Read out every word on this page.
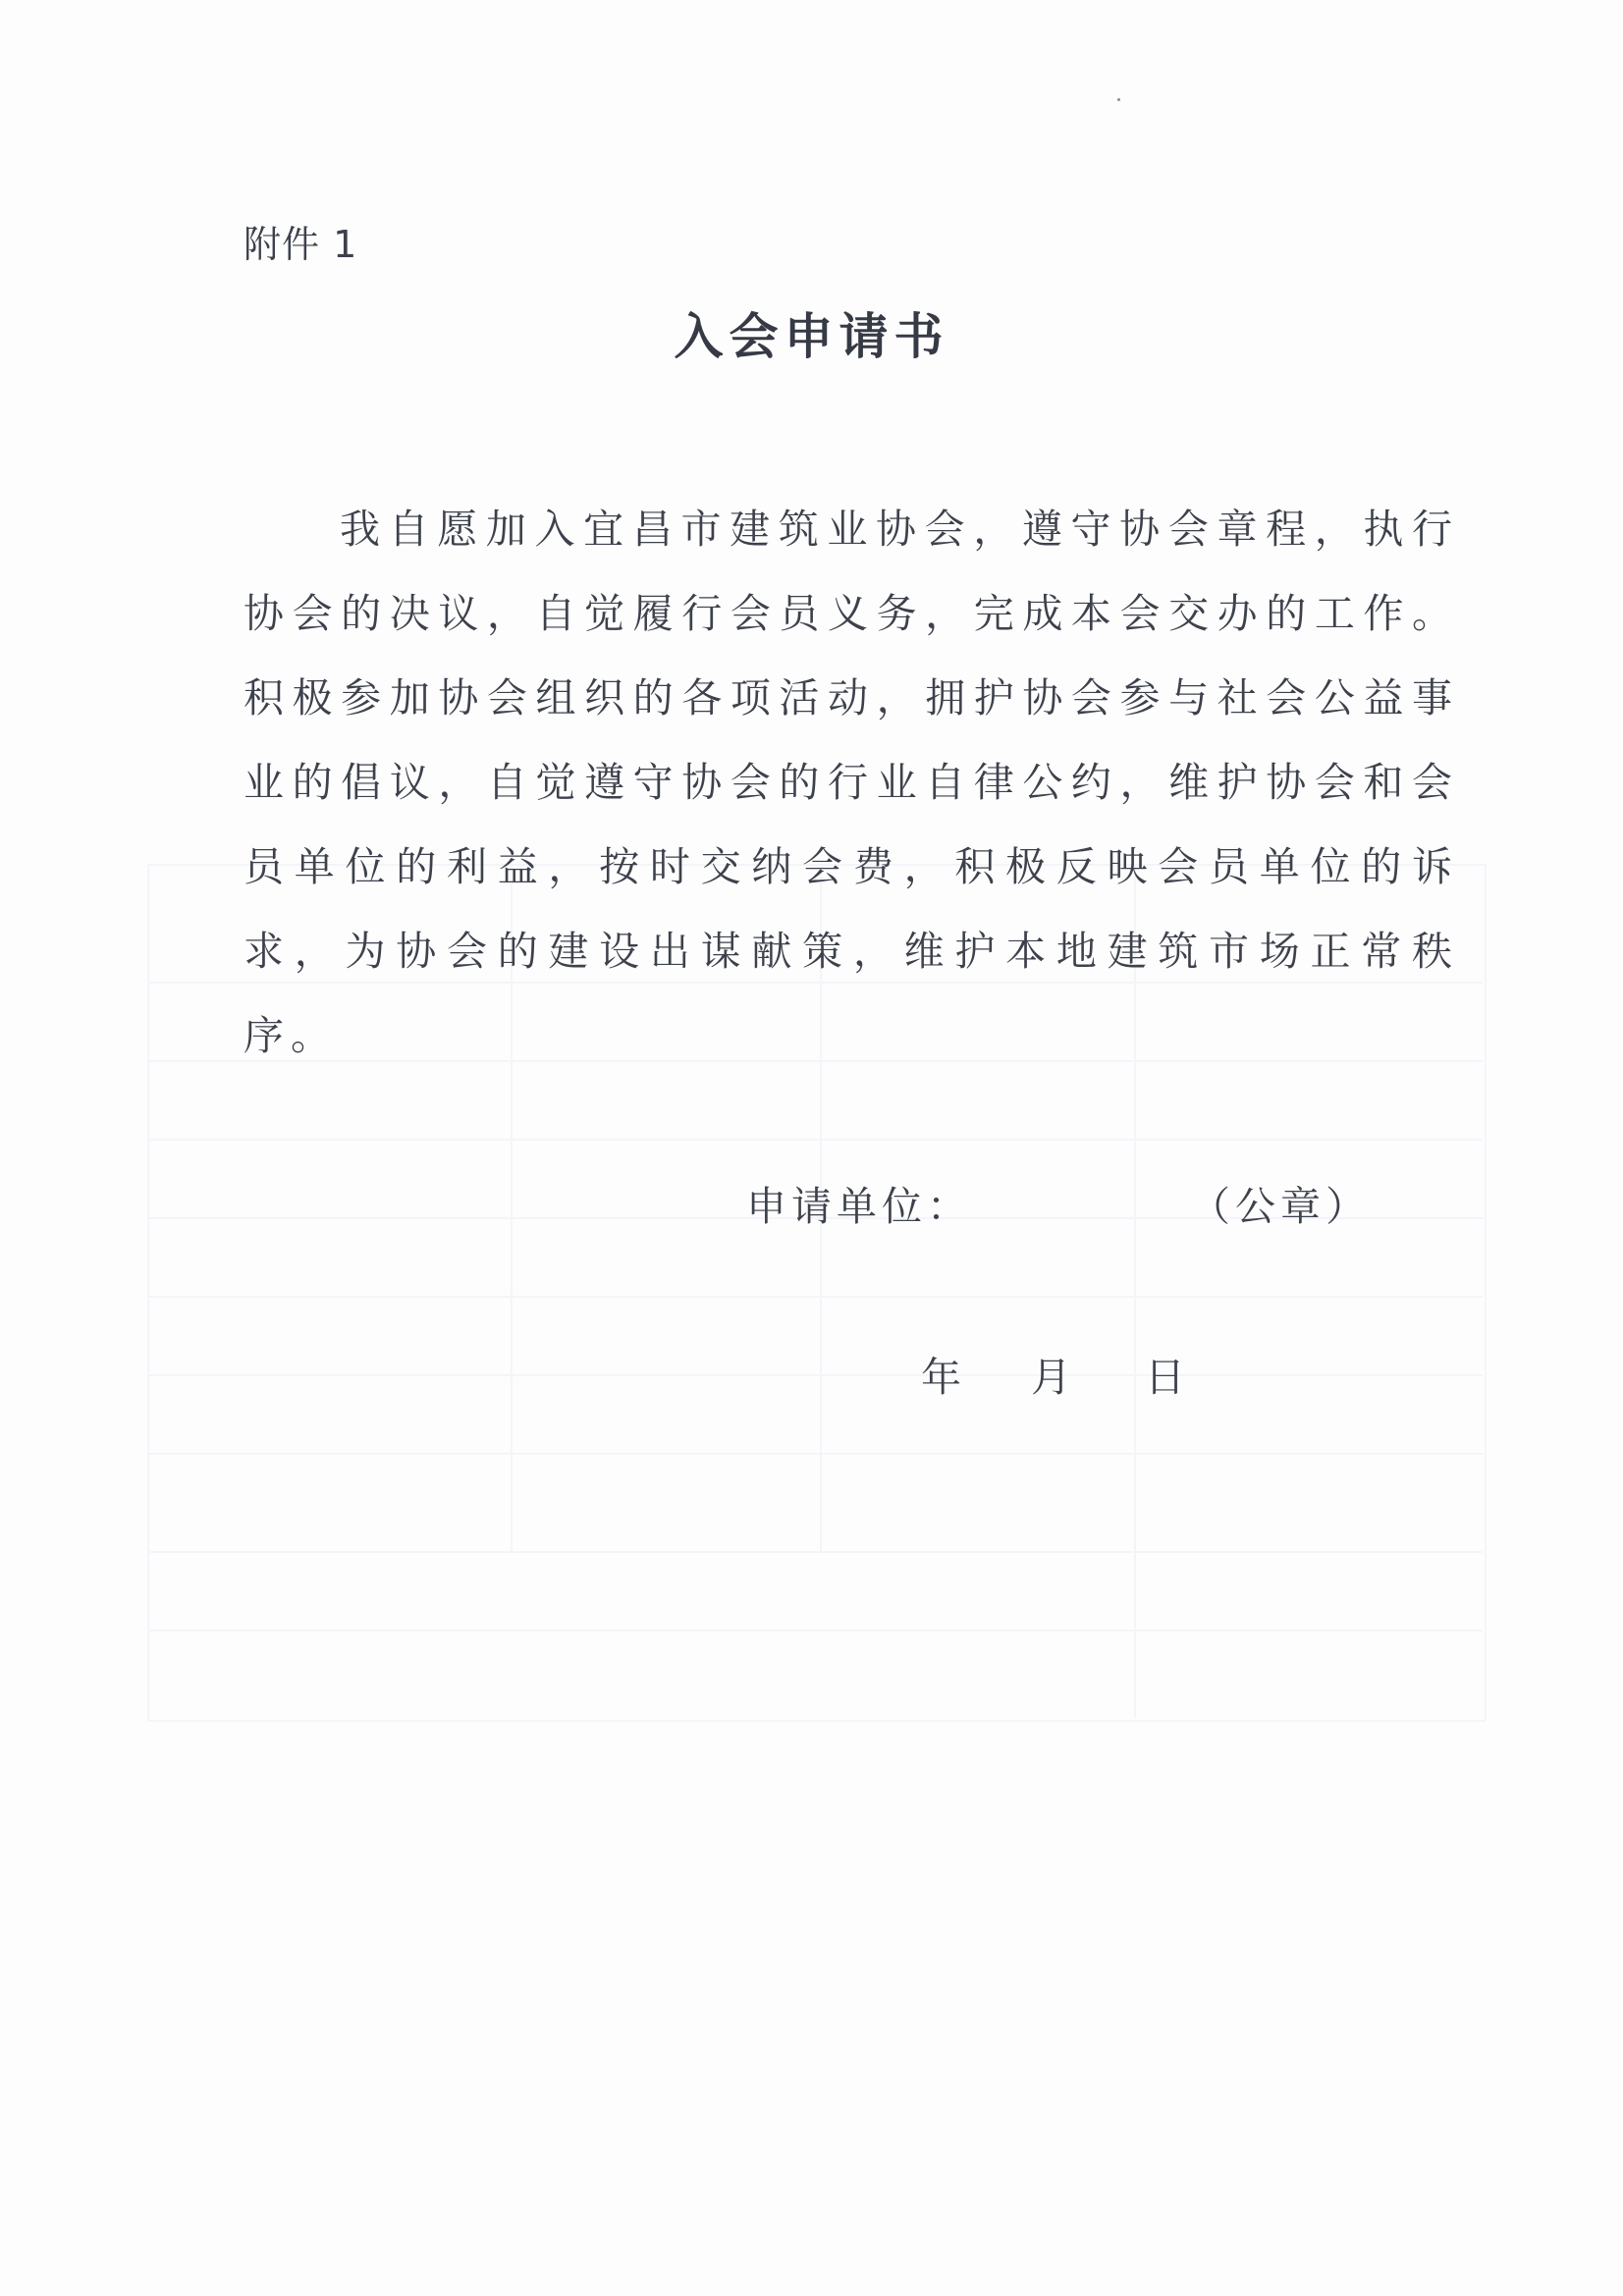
附件 1
入会申请书

我自愿加入宜昌市建筑业协会，遵守协会章程，执行协会的决议，自觉履行会员义务，完成本会交办的工作。积极参加协会组织的各项活动，拥护协会参与社会公益事业的倡议，自觉遵守协会的行业自律公约，维护协会和会员单位的利益，按时交纳会费，积极反映会员单位的诉求，为协会的建设出谋献策，维护本地建筑市场正常秩序。

申请单位：	（公章）
年 月 日
